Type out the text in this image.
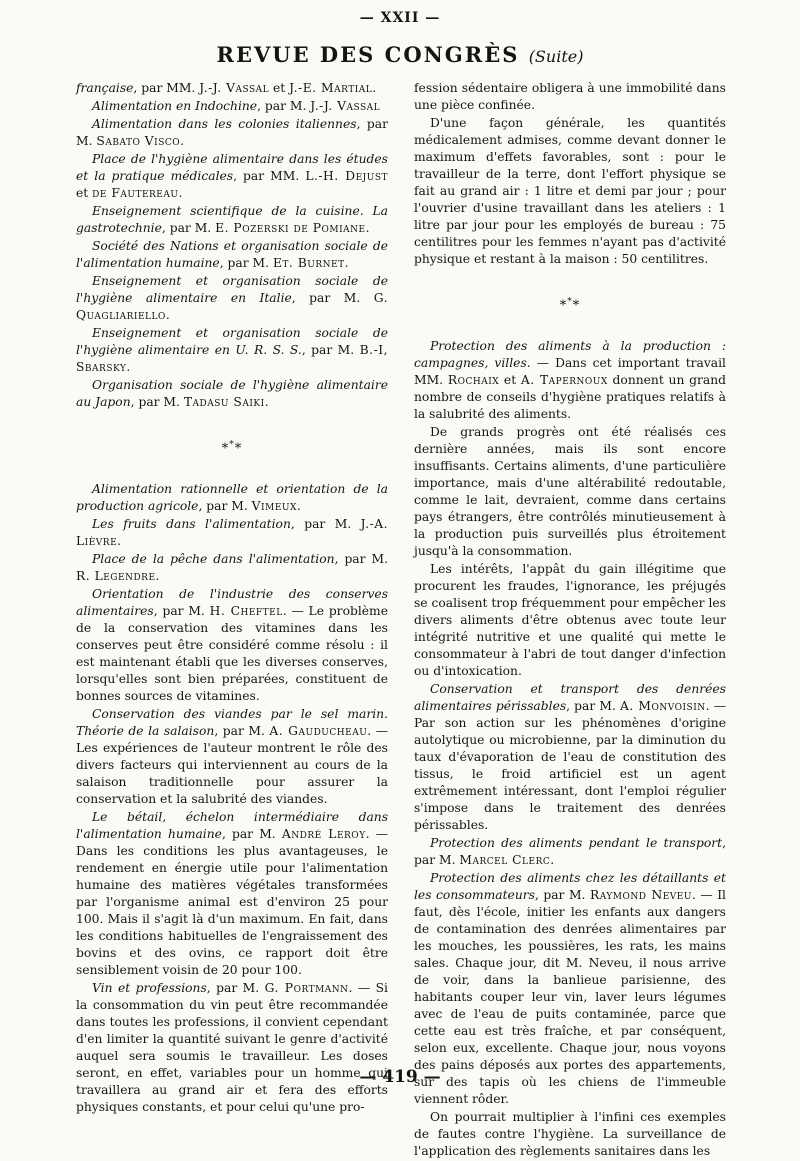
— XXII —
REVUE DES CONGRÈS (Suite)

française, par MM. J.-J. Vassal et J.-E. Martial.

Alimentation en Indochine, par M. J.-J. Vassal

Alimentation dans les colonies italiennes, par M. Sabato Visco.

Place de l'hygiène alimentaire dans les études et la pratique médicales, par MM. L.-H. Dejust et de Fautereau.

Enseignement scientifique de la cuisine. La gastrotechnie, par M. E. Pozerski de Pomiane.

Société des Nations et organisation sociale de l'alimentation humaine, par M. Et. Burnet.

Enseignement et organisation sociale de l'hygiène alimentaire en Italie, par M. G. Quagliariello.

Enseignement et organisation sociale de l'hygiène alimentaire en U. R. S. S., par M. B.-I, Sbarsky.

Organisation sociale de l'hygiène alimentaire au Japon, par M. Tadasu Saiki.

***

Alimentation rationnelle et orientation de la production agricole, par M. Vimeux.

Les fruits dans l'alimentation, par M. J.-A. Lièvre.

Place de la pêche dans l'alimentation, par M. R. Legendre.

Orientation de l'industrie des conserves alimentaires, par M. H. Cheftel. — Le problème de la conservation des vitamines dans les conserves peut être considéré comme résolu : il est maintenant établi que les diverses conserves, lorsqu'elles sont bien préparées, constituent de bonnes sources de vitamines.

Conservation des viandes par le sel marin. Théorie de la salaison, par M. A. Gauducheau. — Les expériences de l'auteur montrent le rôle des divers facteurs qui interviennent au cours de la salaison traditionnelle pour assurer la conservation et la salubrité des viandes.

Le bétail, échelon intermédiaire dans l'alimentation humaine, par M. André Leroy. — Dans les conditions les plus avantageuses, le rendement en énergie utile pour l'alimentation humaine des matières végétales transformées par l'organisme animal est d'environ 25 pour 100. Mais il s'agit là d'un maximum. En fait, dans les conditions habituelles de l'engraissement des bovins et des ovins, ce rapport doit être sensiblement voisin de 20 pour 100.

Vin et professions, par M. G. Portmann. — Si la consommation du vin peut être recommandée dans toutes les professions, il convient cependant d'en limiter la quantité suivant le genre d'activité auquel sera soumis le travailleur. Les doses seront, en effet, variables pour un homme qui travaillera au grand air et fera des efforts physiques constants, et pour celui qu'une pro-

fession sédentaire obligera à une immobilité dans une pièce confinée.

D'une façon générale, les quantités médicalement admises, comme devant donner le maximum d'effets favorables, sont : pour le travailleur de la terre, dont l'effort physique se fait au grand air : 1 litre et demi par jour ; pour l'ouvrier d'usine travaillant dans les ateliers : 1 litre par jour pour les employés de bureau : 75 centilitres pour les femmes n'ayant pas d'activité physique et restant à la maison : 50 centilitres.

***

Protection des aliments à la production : campagnes, villes. — Dans cet important travail MM. Rochaix et A. Tapernoux donnent un grand nombre de conseils d'hygiène pratiques relatifs à la salubrité des aliments.

De grands progrès ont été réalisés ces dernière années, mais ils sont encore insuffisants. Certains aliments, d'une particulière importance, mais d'une altérabilité redoutable, comme le lait, devraient, comme dans certains pays étrangers, être contrôlés minutieusement à la production puis surveillés plus étroitement jusqu'à la consommation.

Les intérêts, l'appât du gain illégitime que procurent les fraudes, l'ignorance, les préjugés se coalisent trop fréquemment pour empêcher les divers aliments d'être obtenus avec toute leur intégrité nutritive et une qualité qui mette le consommateur à l'abri de tout danger d'infection ou d'intoxication.

Conservation et transport des denrées alimentaires périssables, par M. A. Monvoisin. — Par son action sur les phénomènes d'origine autolytique ou microbienne, par la diminution du taux d'évaporation de l'eau de constitution des tissus, le froid artificiel est un agent extrêmement intéressant, dont l'emploi régulier s'impose dans le traitement des denrées périssables.

Protection des aliments pendant le transport, par M. Marcel Clerc.

Protection des aliments chez les détaillants et les consommateurs, par M. Raymond Neveu. — Il faut, dès l'école, initier les enfants aux dangers de contamination des denrées alimentaires par les mouches, les poussières, les rats, les mains sales. Chaque jour, dit M. Neveu, il nous arrive de voir, dans la banlieue parisienne, des habitants couper leur vin, laver leurs légumes avec de l'eau de puits contaminée, parce que cette eau est très fraîche, et par conséquent, selon eux, excellente. Chaque jour, nous voyons des pains déposés aux portes des appartements, sur des tapis où les chiens de l'immeuble viennent rôder.

On pourrait multiplier à l'infini ces exemples de fautes contre l'hygiène. La surveillance de l'application des règlements sanitaires dans les

— 419 —
